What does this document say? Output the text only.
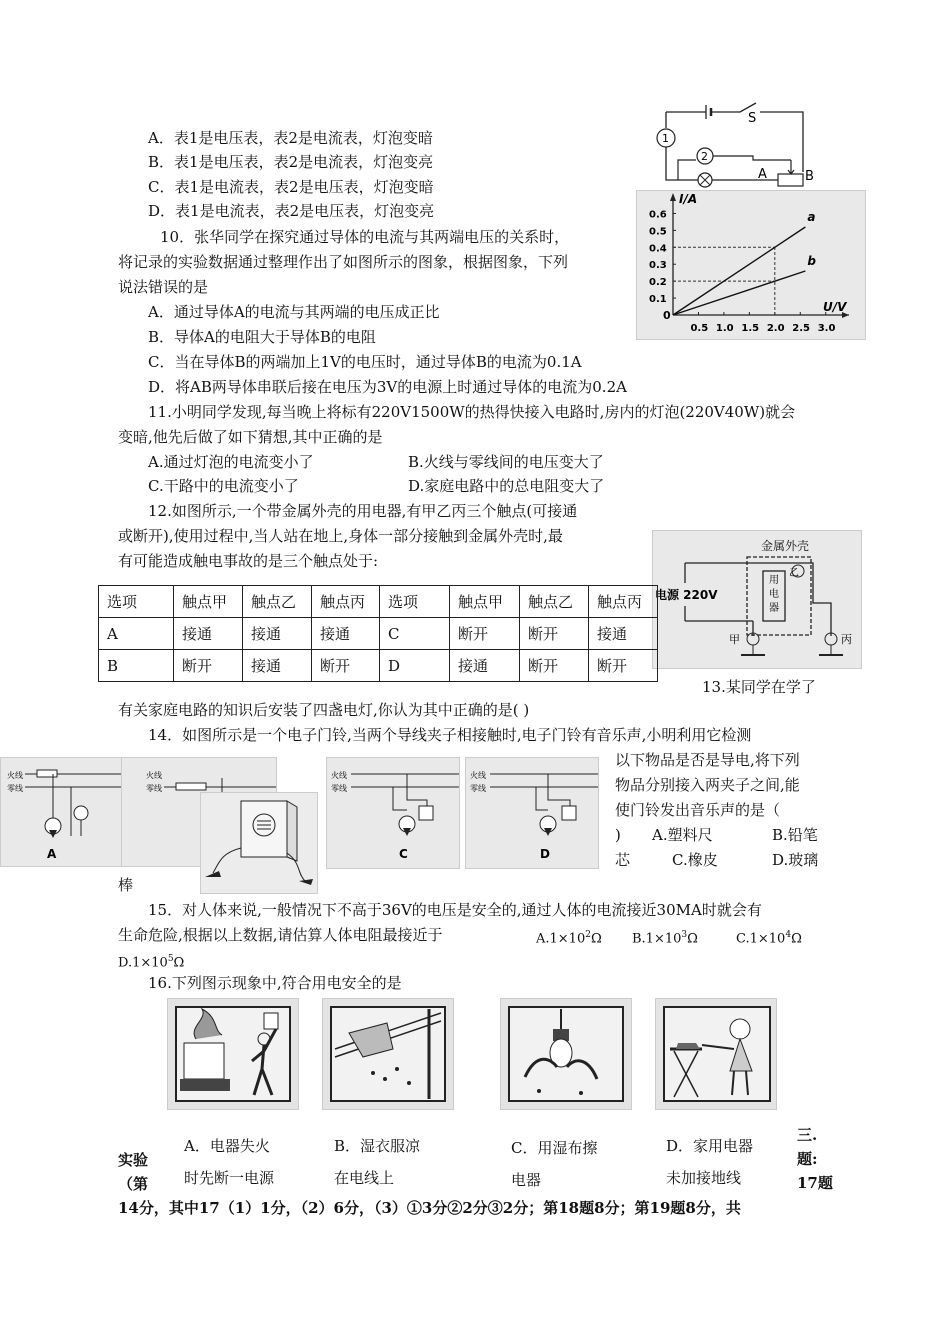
1
2
S
A	B
I/A
U/V
0
0.5 1.0 1.5 2.0 2.5 3.0
0.1
0.2
0.3
0.4
0.5
0.6	a
b
A．表1是电压表，表2是电流表，灯泡变暗
B．表1是电压表，表2是电流表，灯泡变亮
C．表1是电流表，表2是电压表，灯泡变暗
D．表1是电流表，表2是电压表，灯泡变亮
10．张华同学在探究通过导体的电流与其两端电压的关系时，
将记录的实验数据通过整理作出了如图所示的图象，根据图象，下列
说法错误的是
A．通过导体A的电流与其两端的电压成正比
B．导体A的电阻大于导体B的电阻
C．当在导体B的两端加上1V的电压时，通过导体B的电流为0.1A
D．将AB两导体串联后接在电压为3V的电源上时通过导体的电流为0.2A
11.小明同学发现,每当晚上将标有220V1500W的热得快接入电路时,房内的灯泡(220V40W)就会
变暗,他先后做了如下猜想,其中正确的是
A.通过灯泡的电流变小了	B.火线与零线间的电压变大了
C.干路中的电流变小了	D.家庭电路中的总电阻变大了
12.如图所示,一个带金属外壳的用电器,有甲乙丙三个触点(可接通
或断开),使用过程中,当人站在地上,身体一部分接触到金属外壳时,最
有可能造成触电事故的是三个触点处于:
金属外壳
电源 220V
用电器
乙
甲	丙
选项	触点甲	触点乙	触点丙	选项	触点甲	触点乙	触点丙
A	接通	接通	接通	C	断开	断开	接通
B	断开	接通	断开	D	接通	断开	断开
13.某同学在学了
有关家庭电路的知识后安装了四盏电灯,你认为其中正确的是( )
14．如图所示是一个电子门铃,当两个导线夹子相接触时,电子门铃有音乐声,小明利用它检测
以下物品是否是导电,将下列
物品分别接入两夹子之间,能
使门铃发出音乐声的是（
) A.塑料尺	B.铅笔
芯	C.橡皮	D.玻璃
棒
火线
零线
A
火线
零线
火线
零线
C
火线
零线
D
15．对人体来说,一般情况下不高于36V的电压是安全的,通过人体的电流接近30MA时就会有
生命危险,根据以上数据,请估算人体电阻最接近于	$A.1\times 10^2\Omega$ $B.1\times 10^3\Omega$	$C.1\times 10^4\Omega$
$D.1\times 10^5\Omega$
16.下列图示现象中,符合用电安全的是
A．电器失火
时先断一电源
B．湿衣服凉
在电线上
C．用湿布擦
电器
D．家用电器
未加接地线
实验
（第
三.
题:
17题
14分，其中17（1）1分，（2）6分，（3）①3分②2分③2分；第18题8分；第19题8分，共
